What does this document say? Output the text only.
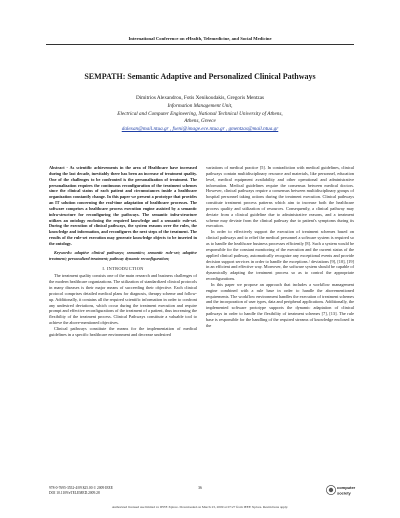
International Conference on eHealth, Telemedicine, and Social Medicine
SEMPATH: Semantic Adaptive and Personalized Clinical Pathways
Dimitrios Alexandrou, Fotis Xenikoudakis, Gregoris Mentzas
Information Management Unit,
Electrical and Computer Engineering, National Technical University of Athens,
Athens, Greece
dalexan@mail.ntua.gr , fxeni@image.ece.ntua.gr , gmentzas@mail.ntua.gr

Abstract - As scientific achievements in the area of Healthcare have increased during the last decade, inevitably there has been an increase of treatment quality. One of the challenges to be confronted is the personalization of treatment. The personalization requires the continuous reconfiguration of the treatment schemes since the clinical status of each patient and circumstances inside a healthcare organization constantly change. In this paper we present a prototype that provides an IT solution concerning the real-time adaptation of healthcare processes. The software comprises a healthcare process execution engine assisted by a semantic infra-structure for reconfiguring the pathways. The semantic infra-structure utilizes an ontology enclosing the required knowledge and a semantic rule-set. During the execution of clinical pathways, the system reasons over the rules, the knowledge and information, and reconfigures the next steps of the treatment. The results of the rule-set execution may generate knowledge objects to be inserted in the ontology.

Keywords: adaptive clinical pathways; semantics; semantic rule-set; adaptive treatment; personalized treatment; pathway dynamic reconfiguration;

I. INTRODUCTION

The treatment quality consists one of the main research and business challenges of the modern healthcare organizations. The utilization of standardized clinical protocols in many diseases is their major means of succeeding their objective. Each clinical protocol comprises detailed medical plans for diagnosis, therapy scheme and follow-up. Additionally, it contains all the required scientific information in order to confront any undesired deviations, which occur during the treatment execution and require prompt and effective reconfigurations of the treatment of a patient, thus increasing the flexibility of the treatment process. Clinical Pathways constitute a valuable tool to achieve the above-mentioned objectives.

Clinical pathways constitute the means for the implementation of medical guidelines in a specific healthcare environment and decrease undesired

variations of medical practice [5]. In contradiction with medical guidelines, clinical pathways contain multidisciplinary resource and materials, like personnel, education level, medical equipment availability and other operational and administrative information. Medical guidelines require the consensus between medical doctors. However, clinical pathways require a consensus between multidisciplinary groups of hospital personnel taking actions during the treatment execution. Clinical pathways constitute treatment process patterns which aim to increase both the healthcare process quality and utilization of resources. Consequently, a clinical pathway may deviate from a clinical guideline due to administrative reasons, and a treatment scheme may deviate from the clinical pathway due to patient's symptoms during its execution.

In order to effectively support the execution of treatment schemes based on clinical pathways and to relief the medical personnel a software system is required so as to handle the healthcare business processes efficiently [8]. Such a system would be responsible for the constant monitoring of the execution and the current status of the applied clinical pathway, automatically recognize any exceptional events and provide decision support services in order to handle the exceptions / deviations [9], [10], [19] in an efficient and effective way. Moreover, the software system should be capable of dynamically adapting the treatment process so as to control the appropriate reconfigurations.

In this paper we propose an approach that includes a workflow management engine combined with a rule base in order to handle the abovementioned requirements. The workflow environment handles the execution of treatment schemes and the incorporation of user types, data and peripheral applications. Additionally, the implemented software prototype supports the dynamic adaptation of clinical pathways in order to handle the flexibility of treatment schemes [7], [13]. The rule base is responsible for the handling of the required streams of knowledge enclosed in the

978-0-7695-3552-4/09 $25.00 © 2009 IEEE
DOI 10.1109/eTELEMED.2009.28
36	computer
society
Authorized licensed use limited to: IEEE Xplore. Downloaded on March 23, 2009 at 07:27 from IEEE Xplore. Restrictions apply.
